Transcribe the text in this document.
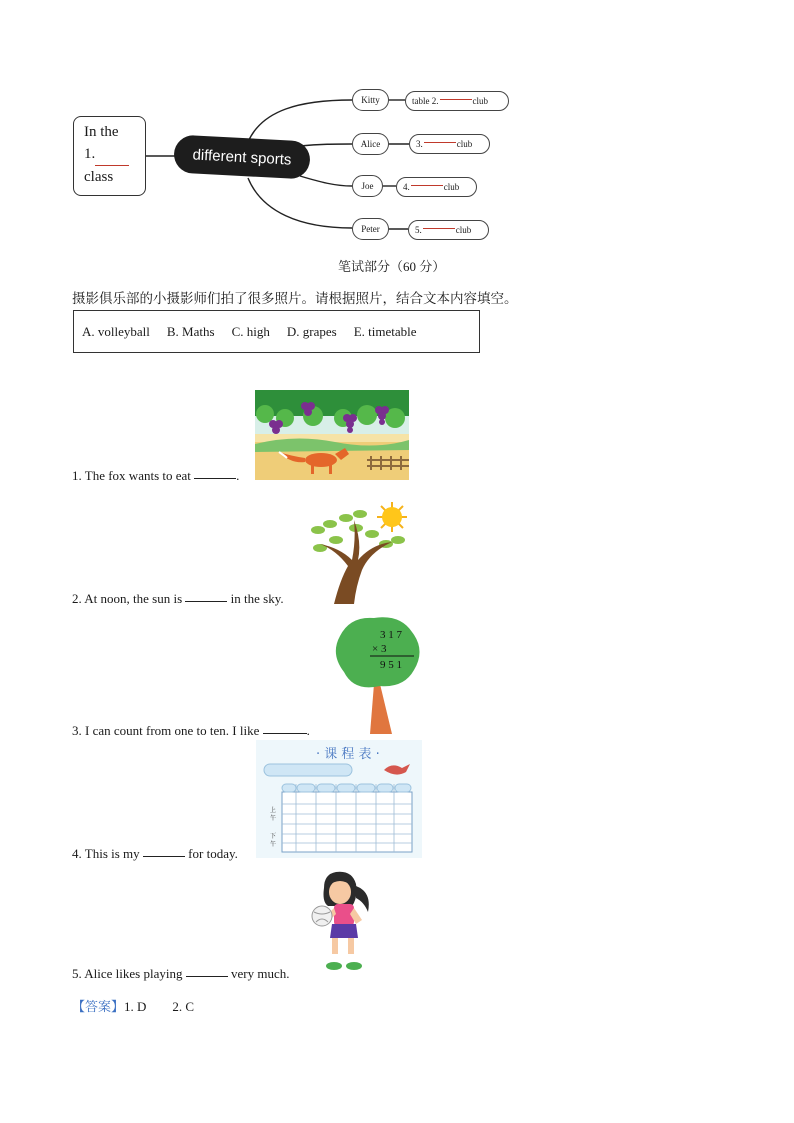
In the
1.
class
different sports
Kitty	table 2.	club
Alice	3.	club
Joe	4.	club
Peter	5.	club
笔试部分（60 分）
摄影俱乐部的小摄影师们拍了很多照片。请根据照片，结合文本内容填空。
A. volleyball B. Maths C. high D. grapes E. timetable
1. The fox wants to eat	.
2. At noon, the sun is	in the sky.
3 1 7
× 3
9 5 1
3. I can count from one to ten. I like	.
· 课 程 表 ·
上午
下午
4. This is my	for today.
5. Alice likes playing	very much.
【答案】1. D        2. C
